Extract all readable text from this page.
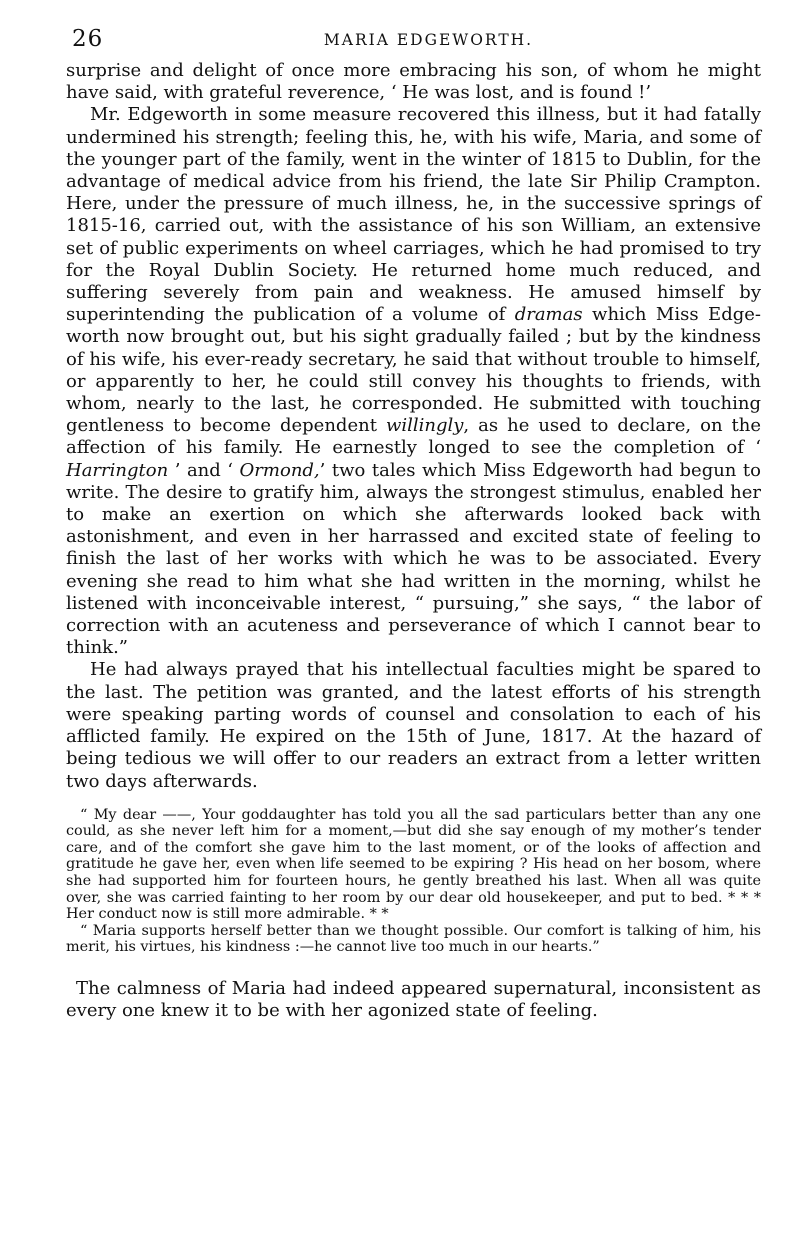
26	MARIA EDGEWORTH.

surprise and delight of once more embracing his son, of whom he might have said, with grateful reverence, ‘ He was lost, and is found !’

Mr. Edgeworth in some measure recovered this illness, but it had fatally undermined his strength; feeling this, he, with his wife, Maria, and some of the younger part of the family, went in the winter of 1815 to Dublin, for the advantage of medical advice from his friend, the late Sir Philip Crampton. Here, under the pressure of much illness, he, in the successive springs of 1815-16, carried out, with the assistance of his son William, an extensive set of public experiments on wheel carriages, which he had promised to try for the Royal Dublin Society. He returned home much reduced, and suffering severely from pain and weakness. He amused himself by superintending the publication of a volume of dramas which Miss Edgeworth now brought out, but his sight gradually failed ; but by the kindness of his wife, his ever-ready secretary, he said that without trouble to himself, or apparently to her, he could still convey his thoughts to friends, with whom, nearly to the last, he corresponded. He submitted with touching gentleness to become dependent willingly, as he used to declare, on the affection of his family. He earnestly longed to see the completion of ‘ Harrington ’ and ‘ Ormond,’ two tales which Miss Edgeworth had begun to write. The desire to gratify him, always the strongest stimulus, enabled her to make an exertion on which she afterwards looked back with astonishment, and even in her harrassed and excited state of feeling to finish the last of her works with which he was to be associated. Every evening she read to him what she had written in the morning, whilst he listened with inconceivable interest, “ pursuing,” she says, “ the labor of correction with an acuteness and perseverance of which I cannot bear to think.”

He had always prayed that his intellectual faculties might be spared to the last. The petition was granted, and the latest efforts of his strength were speaking parting words of counsel and consolation to each of his afflicted family. He expired on the 15th of June, 1817. At the hazard of being tedious we will offer to our readers an extract from a letter written two days afterwards.

“ My dear ——, Your goddaughter has told you all the sad particulars better than any one could, as she never left him for a moment,—but did she say enough of my mother’s tender care, and of the comfort she gave him to the last moment, or of the looks of affection and gratitude he gave her, even when life seemed to be expiring ? His head on her bosom, where she had supported him for fourteen hours, he gently breathed his last. When all was quite over, she was carried fainting to her room by our dear old housekeeper, and put to bed. * * * Her conduct now is still more admirable. * *

“ Maria supports herself better than we thought possible. Our comfort is talking of him, his merit, his virtues, his kindness :—he cannot live too much in our hearts.”

The calmness of Maria had indeed appeared supernatural, inconsistent as every one knew it to be with her agonized state of feeling.
